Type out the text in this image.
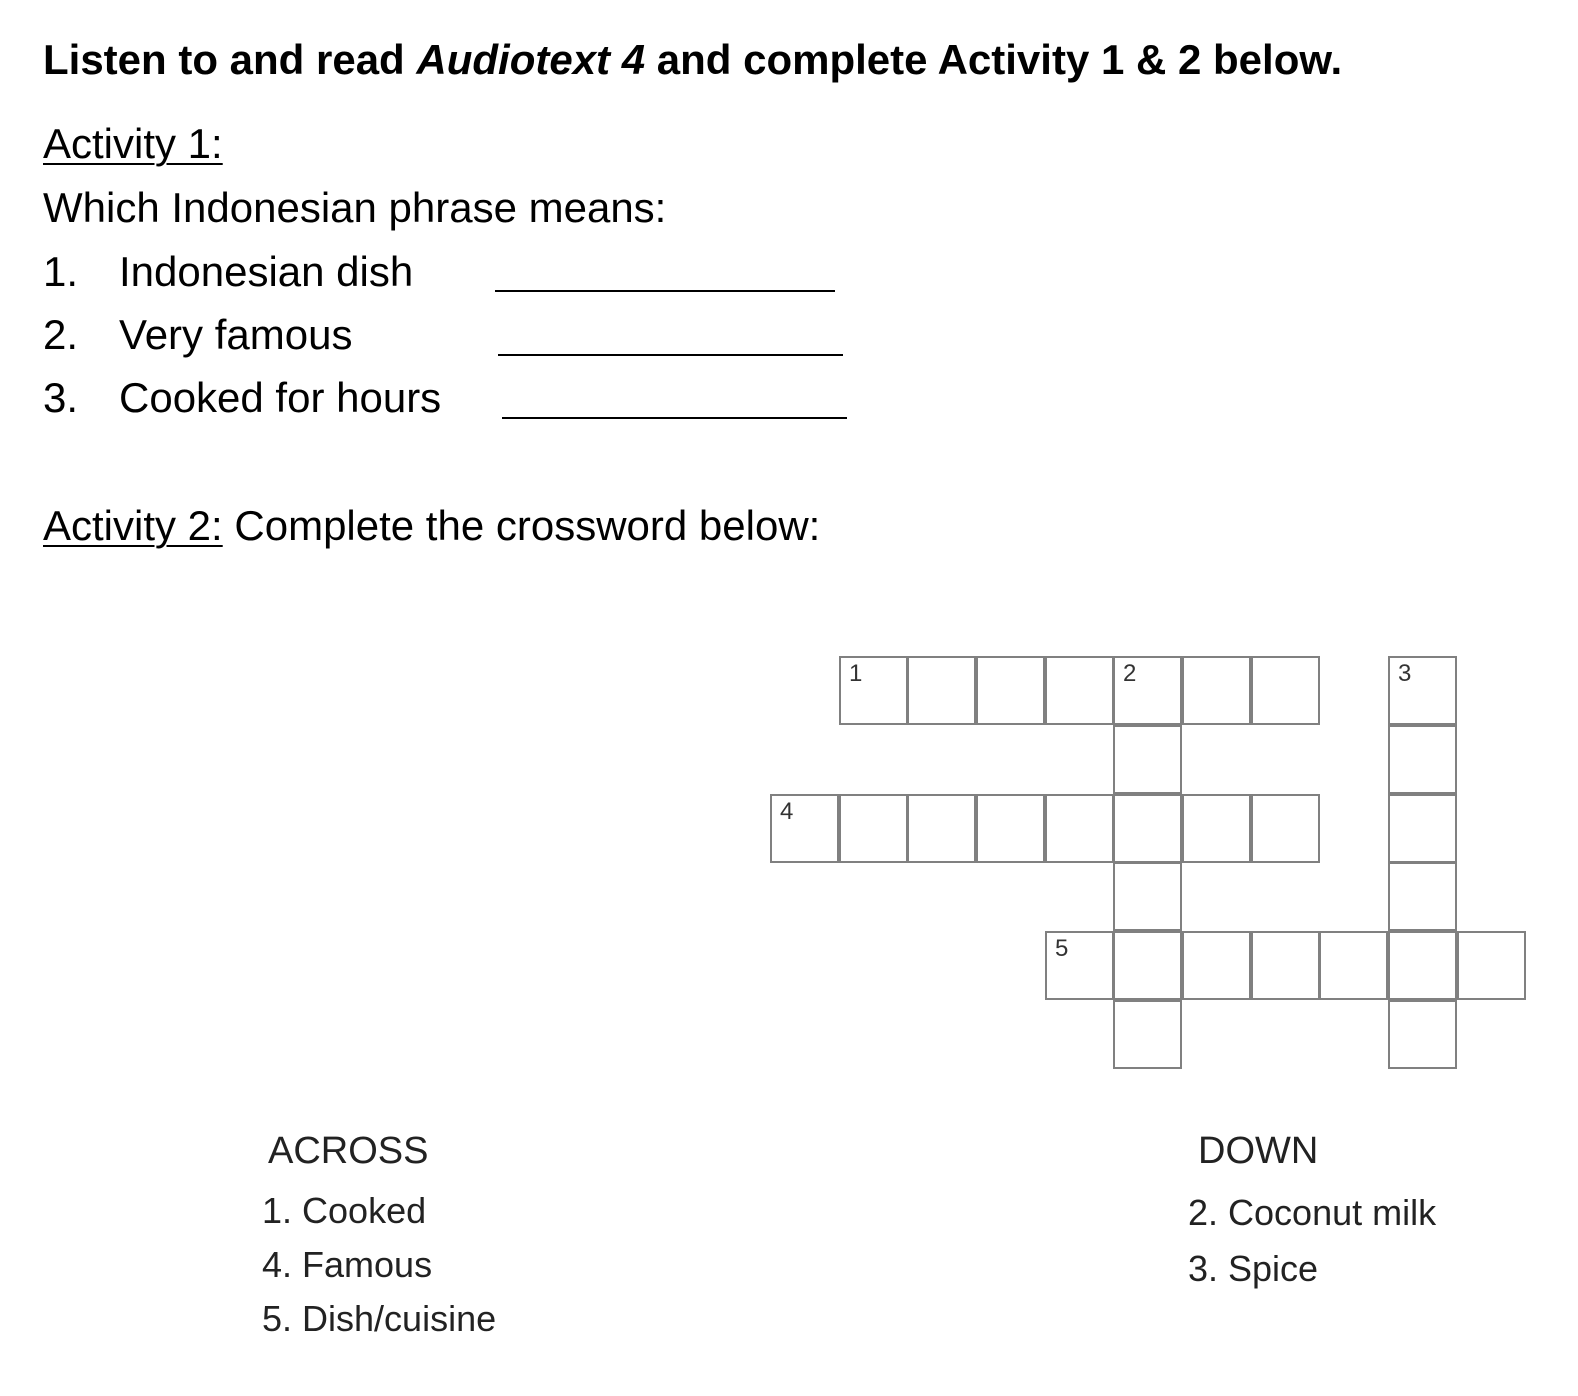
Listen to and read Audiotext 4 and complete Activity 1 & 2 below.
Activity 1:
Which Indonesian phrase means:
1. Indonesian dish
2. Very famous
3. Cooked for hours
Activity 2: Complete the crossword below:
1	2	3
4
5
ACROSS
1. Cooked
4. Famous
5. Dish/cuisine
DOWN
2. Coconut milk
3. Spice
